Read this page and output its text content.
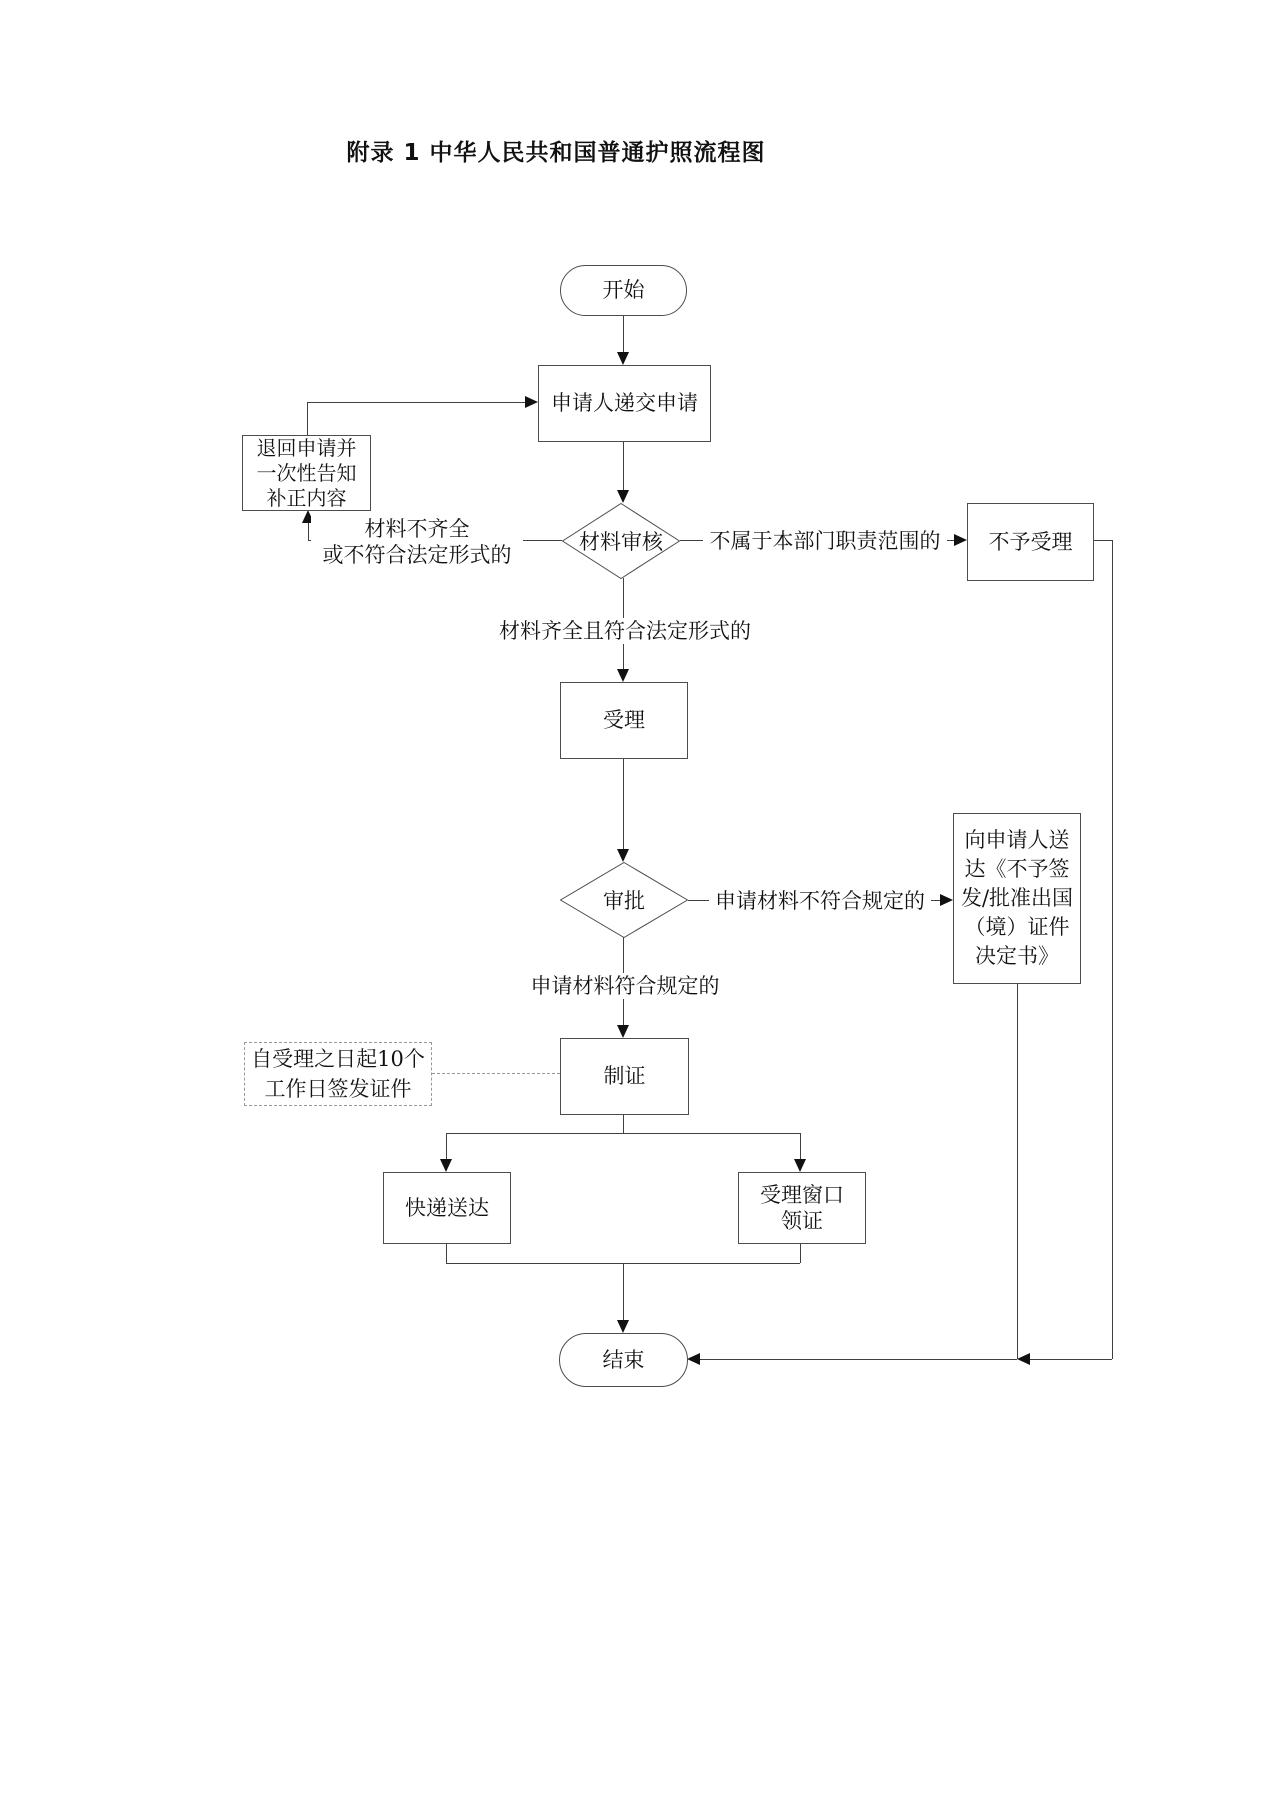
附录 1 中华人民共和国普通护照流程图
材料不齐全
或不符合法定形式的
不属于本部门职责范围的
材料齐全且符合法定形式的
申请材料不符合规定的
申请材料符合规定的
开始
申请人递交申请
退回申请并
一次性告知
补正内容
材料审核	不予受理
受理
审批
向申请人送
达《不予签
发/批准出国
（境）证件
决定书》
制证
自受理之日起10个
工作日签发证件
快递送达
受理窗口
领证
结束
